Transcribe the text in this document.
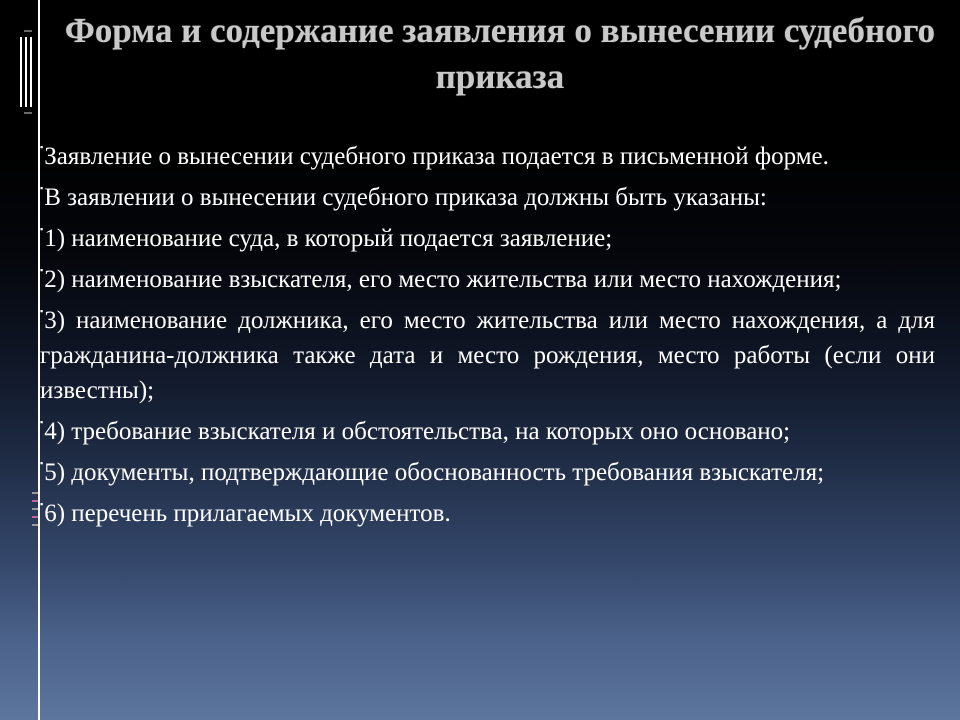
Форма и содержание заявления о вынесении судебного приказа
▪Заявление о вынесении судебного приказа подается в письменной форме.
▪В заявлении о вынесении судебного приказа должны быть указаны:
▪1) наименование суда, в который подается заявление;
▪2) наименование взыскателя, его место жительства или место нахождения;
▪3) наименование должника, его место жительства или место нахождения, а для гражданина-должника также дата и место рождения, место работы (если они известны);
▪4) требование взыскателя и обстоятельства, на которых оно основано;
▪5) документы, подтверждающие обоснованность требования взыскателя;
▪6) перечень прилагаемых документов.
